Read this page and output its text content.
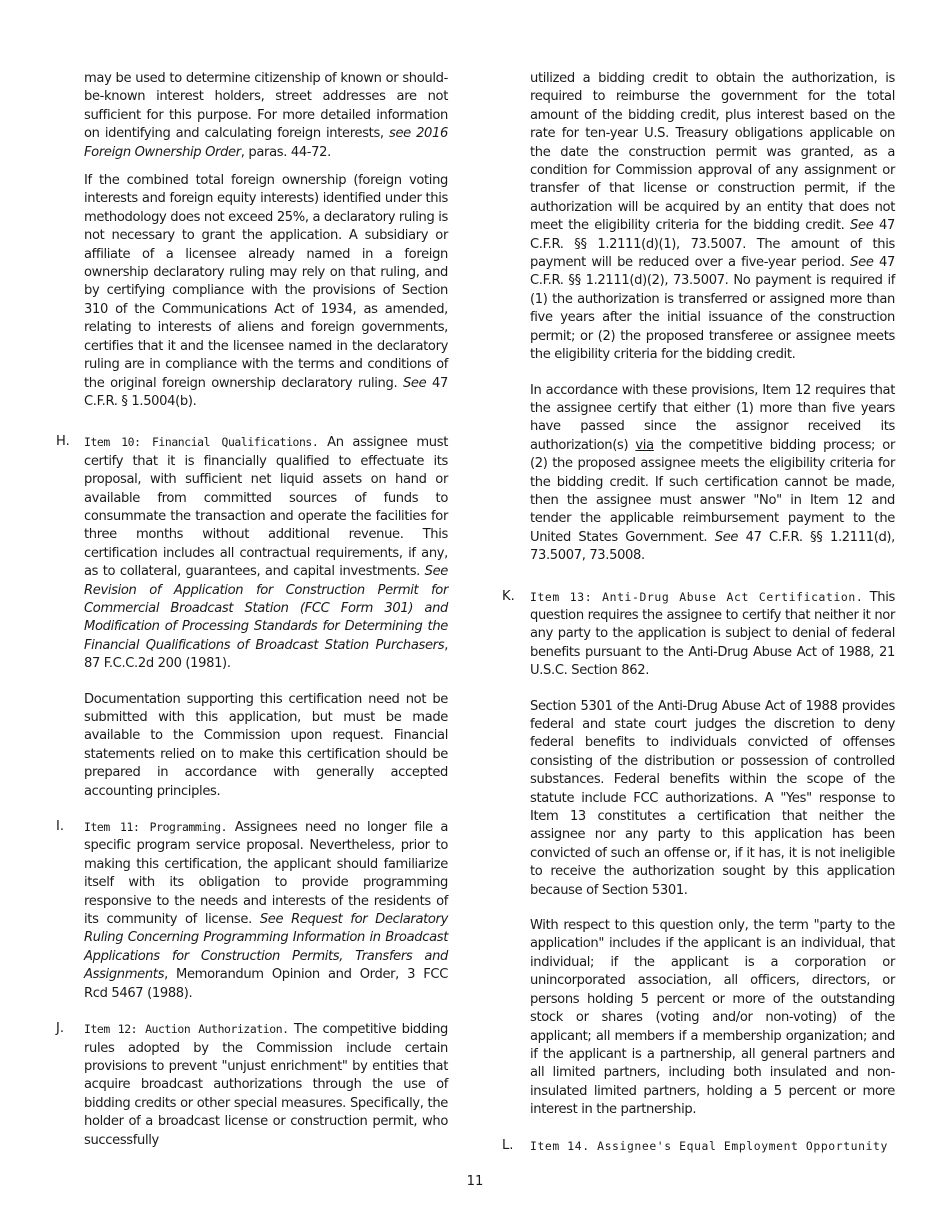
may be used to determine citizenship of known or should-be-known interest holders, street addresses are not sufficient for this purpose. For more detailed information on identifying and calculating foreign interests, see 2016 Foreign Ownership Order, paras. 44-72.

If the combined total foreign ownership (foreign voting interests and foreign equity interests) identified under this methodology does not exceed 25%, a declaratory ruling is not necessary to grant the application. A subsidiary or affiliate of a licensee already named in a foreign ownership declaratory ruling may rely on that ruling, and by certifying compliance with the provisions of Section 310 of the Communications Act of 1934, as amended, relating to interests of aliens and foreign governments, certifies that it and the licensee named in the declaratory ruling are in compliance with the terms and conditions of the original foreign ownership declaratory ruling. See 47 C.F.R. § 1.5004(b).

H. Item 10: Financial Qualifications. An assignee must certify that it is financially qualified to effectuate its proposal, with sufficient net liquid assets on hand or available from committed sources of funds to consummate the transaction and operate the facilities for three months without additional revenue. This certification includes all contractual requirements, if any, as to collateral, guarantees, and capital investments. See Revision of Application for Construction Permit for Commercial Broadcast Station (FCC Form 301) and Modification of Processing Standards for Determining the Financial Qualifications of Broadcast Station Purchasers, 87 F.C.C.2d 200 (1981).

Documentation supporting this certification need not be submitted with this application, but must be made available to the Commission upon request. Financial statements relied on to make this certification should be prepared in accordance with generally accepted accounting principles.

I. Item 11: Programming. Assignees need no longer file a specific program service proposal. Nevertheless, prior to making this certification, the applicant should familiarize itself with its obligation to provide programming responsive to the needs and interests of the residents of its community of license. See Request for Declaratory Ruling Concerning Programming Information in Broadcast Applications for Construction Permits, Transfers and Assignments, Memorandum Opinion and Order, 3 FCC Rcd 5467 (1988).

J. Item 12: Auction Authorization. The competitive bidding rules adopted by the Commission include certain provisions to prevent "unjust enrichment" by entities that acquire broadcast authorizations through the use of bidding credits or other special measures. Specifically, the holder of a broadcast license or construction permit, who successfully

utilized a bidding credit to obtain the authorization, is required to reimburse the government for the total amount of the bidding credit, plus interest based on the rate for ten-year U.S. Treasury obligations applicable on the date the construction permit was granted, as a condition for Commission approval of any assignment or transfer of that license or construction permit, if the authorization will be acquired by an entity that does not meet the eligibility criteria for the bidding credit. See 47 C.F.R. §§ 1.2111(d)(1), 73.5007. The amount of this payment will be reduced over a five-year period. See 47 C.F.R. §§ 1.2111(d)(2), 73.5007. No payment is required if (1) the authorization is transferred or assigned more than five years after the initial issuance of the construction permit; or (2) the proposed transferee or assignee meets the eligibility criteria for the bidding credit.

In accordance with these provisions, Item 12 requires that the assignee certify that either (1) more than five years have passed since the assignor received its authorization(s) via the competitive bidding process; or (2) the proposed assignee meets the eligibility criteria for the bidding credit. If such certification cannot be made, then the assignee must answer "No" in Item 12 and tender the applicable reimbursement payment to the United States Government. See 47 C.F.R. §§ 1.2111(d), 73.5007, 73.5008.

K. Item 13: Anti-Drug Abuse Act Certification. This question requires the assignee to certify that neither it nor any party to the application is subject to denial of federal benefits pursuant to the Anti-Drug Abuse Act of 1988, 21 U.S.C. Section 862.

Section 5301 of the Anti-Drug Abuse Act of 1988 provides federal and state court judges the discretion to deny federal benefits to individuals convicted of offenses consisting of the distribution or possession of controlled substances. Federal benefits within the scope of the statute include FCC authorizations. A "Yes" response to Item 13 constitutes a certification that neither the assignee nor any party to this application has been convicted of such an offense or, if it has, it is not ineligible to receive the authorization sought by this application because of Section 5301.

With respect to this question only, the term "party to the application" includes if the applicant is an individual, that individual; if the applicant is a corporation or unincorporated association, all officers, directors, or persons holding 5 percent or more of the outstanding stock or shares (voting and/or non-voting) of the applicant; all members if a membership organization; and if the applicant is a partnership, all general partners and all limited partners, including both insulated and non-insulated limited partners, holding a 5 percent or more interest in the partnership.

L. Item 14. Assignee's Equal Employment Opportunity

11
